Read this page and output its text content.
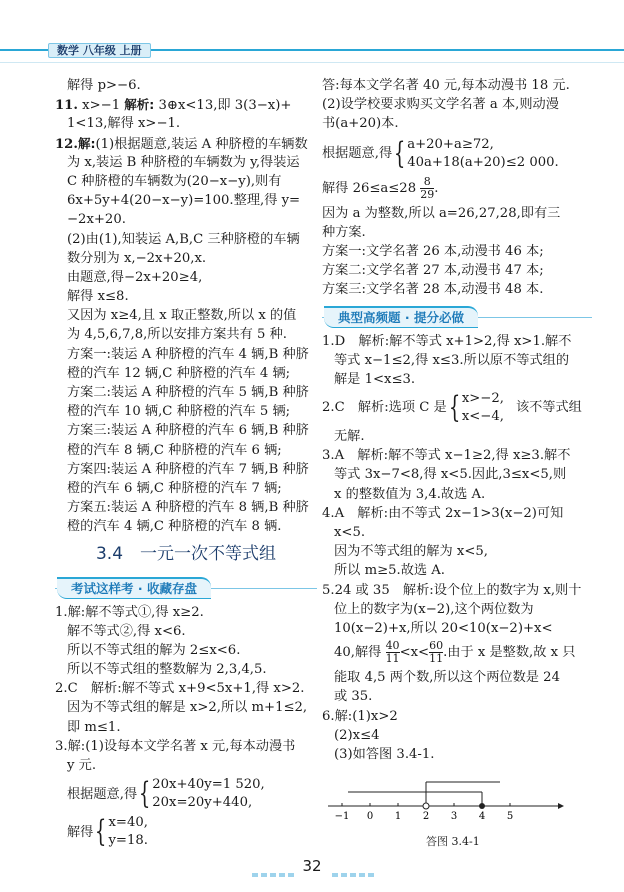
数学 八年级 上册
解得 p>−6.
11. x>−1 解析: 3⊕x<13,即 3(3−x)+
1<13,解得 x>−1.
12.解:(1)根据题意,装运 A 种脐橙的车辆数
为 x,装运 B 种脐橙的车辆数为 y,得装运
C 种脐橙的车辆数为(20−x−y),则有
6x+5y+4(20−x−y)=100.整理,得 y=
−2x+20.
(2)由(1),知装运 A,B,C 三种脐橙的车辆
数分别为 x,−2x+20,x.
由题意,得−2x+20≥4,
解得 x≤8.
又因为 x≥4,且 x 取正整数,所以 x 的值
为 4,5,6,7,8,所以安排方案共有 5 种.
方案一:装运 A 种脐橙的汽车 4 辆,B 种脐
橙的汽车 12 辆,C 种脐橙的汽车 4 辆;
方案二:装运 A 种脐橙的汽车 5 辆,B 种脐
橙的汽车 10 辆,C 种脐橙的汽车 5 辆;
方案三:装运 A 种脐橙的汽车 6 辆,B 种脐
橙的汽车 8 辆,C 种脐橙的汽车 6 辆;
方案四:装运 A 种脐橙的汽车 7 辆,B 种脐
橙的汽车 6 辆,C 种脐橙的汽车 7 辆;
方案五:装运 A 种脐橙的汽车 8 辆,B 种脐
橙的汽车 4 辆,C 种脐橙的汽车 8 辆.
3.4　一元一次不等式组
考试这样考 · 收藏存盘
1.解:解不等式①,得 x≥2.
解不等式②,得 x<6.
所以不等式组的解为 2≤x<6.
所以不等式组的整数解为 2,3,4,5.
2.C　解析:解不等式 x+9<5x+1,得 x>2.
因为不等式组的解是 x>2,所以 m+1≤2,
即 m≤1.
3.解:(1)设每本文学名著 x 元,每本动漫书
y 元.
根据题意,得 { 20x+40y=1 520,
20x=20y+440,
解得 { x=40,
y=18.
答:每本文学名著 40 元,每本动漫书 18 元.
(2)设学校要求购买文学名著 a 本,则动漫
书(a+20)本.
根据题意,得 { a+20+a≥72,
40a+18(a+20)≤2 000.
解得 $26\le a\le 28 \frac{8}{29}$ .
因为 a 为整数,所以 a=26,27,28,即有三
种方案.
方案一:文学名著 26 本,动漫书 46 本;
方案二:文学名著 27 本,动漫书 47 本;
方案三:文学名著 28 本,动漫书 48 本.
典型高频题 · 提分必做
1.D　解析:解不等式 x+1>2,得 x>1.解不
等式 x−1≤2,得 x≤3.所以原不等式组的
解是 1<x≤3.
2.C　解析:选项 C 是 { x>−2,
x<−4,
该不等式组
无解.
3.A　解析:解不等式 x−1≥2,得 x≥3.解不
等式 3x−7<8,得 x<5.因此,3≤x<5,则
x 的整数值为 3,4.故选 A.
4.A　解析:由不等式 2x−1>3(x−2)可知
x<5.
因为不等式组的解为 x<5,
所以 m≥5.故选 A.
5.24 或 35　解析:设个位上的数字为 x,则十
位上的数字为(x−2),这个两位数为
10(x−2)+x,所以 20<10(x−2)+x<
40,解得 $\frac{40}{11} <x< \frac{60}{11}$ .由于 x 是整数,故 x 只
能取 4,5 两个数,所以这个两位数是 24
或 35.
6.解:(1)x>2
(2)x≤4
(3)如答图 3.4-1.
−1 0 1 2 3 4 5
答图 3.4-1
32
